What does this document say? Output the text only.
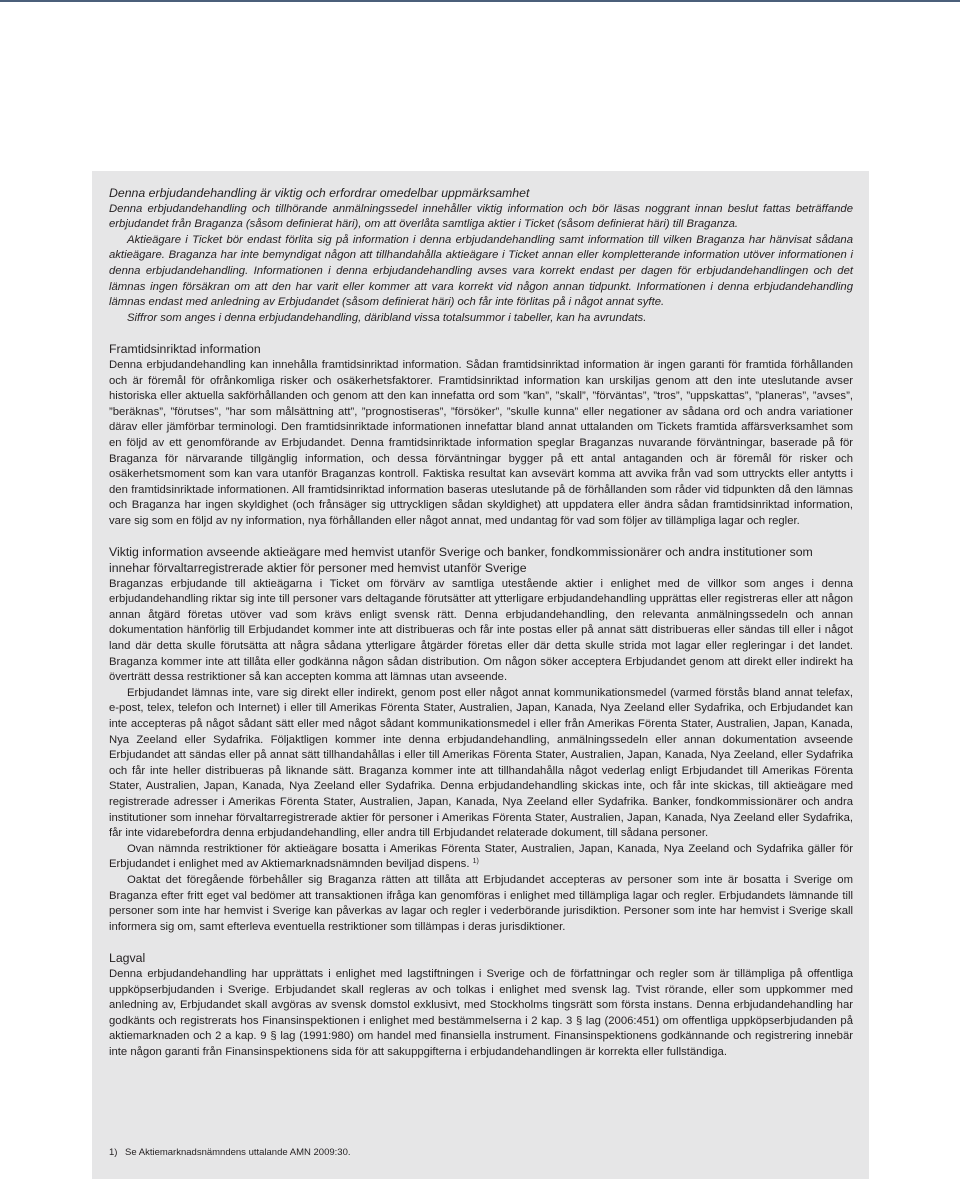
Denna erbjudandehandling är viktig och erfordrar omedelbar uppmärksamhet

Denna erbjudandehandling och tillhörande anmälningssedel innehåller viktig information och bör läsas noggrant innan beslut fattas beträffande erbjudandet från Braganza (såsom definierat häri), om att överlåta samtliga aktier i Ticket (såsom definierat häri) till Braganza.

Aktieägare i Ticket bör endast förlita sig på information i denna erbjudandehandling samt information till vilken Braganza har hänvisat sådana aktieägare. Braganza har inte bemyndigat någon att tillhandahålla aktieägare i Ticket annan eller kompletterande information utöver informationen i denna erbjudandehandling. Informationen i denna erbjudandehandling avses vara korrekt endast per dagen för erbjudandehandlingen och det lämnas ingen försäkran om att den har varit eller kommer att vara korrekt vid någon annan tidpunkt. Informationen i denna erbjudandehandling lämnas endast med anledning av Erbjudandet (såsom definierat häri) och får inte förlitas på i något annat syfte.

Siffror som anges i denna erbjudandehandling, däribland vissa totalsummor i tabeller, kan ha avrundats.

Framtidsinriktad information

Denna erbjudandehandling kan innehålla framtidsinriktad information. Sådan framtidsinriktad information är ingen garanti för framtida förhållanden och är föremål för ofrånkomliga risker och osäkerhetsfaktorer. Framtidsinriktad information kan urskiljas genom att den inte uteslutande avser historiska eller aktuella sakförhållanden och genom att den kan innefatta ord som ”kan”, ”skall”, ”förväntas”, ”tros”, ”uppskattas”, ”planeras”, ”avses”, ”beräknas”, ”förutses”, ”har som målsättning att”, ”prognostiseras”, ”försöker”, ”skulle kunna” eller negationer av sådana ord och andra variationer därav eller jämförbar terminologi. Den framtidsinriktade informationen innefattar bland annat uttalanden om Tickets framtida affärsverksamhet som en följd av ett genomförande av Erbjudandet. Denna framtidsinriktade information speglar Braganzas nuvarande förväntningar, baserade på för Braganza för närvarande tillgänglig information, och dessa förväntningar bygger på ett antal antaganden och är föremål för risker och osäkerhetsmoment som kan vara utanför Braganzas kontroll. Faktiska resultat kan avsevärt komma att avvika från vad som uttryckts eller antytts i den framtidsinriktade informationen. All framtidsinriktad information baseras uteslutande på de förhållanden som råder vid tidpunkten då den lämnas och Braganza har ingen skyldighet (och frånsäger sig uttryckligen sådan skyldighet) att uppdatera eller ändra sådan framtidsinriktad information, vare sig som en följd av ny information, nya förhållanden eller något annat, med undantag för vad som följer av tillämpliga lagar och regler.

Viktig information avseende aktieägare med hemvist utanför Sverige och banker, fondkommissionärer och andra institutioner som innehar förvaltarregistrerade aktier för personer med hemvist utanför Sverige

Braganzas erbjudande till aktieägarna i Ticket om förvärv av samtliga utestående aktier i enlighet med de villkor som anges i denna erbjudandehandling riktar sig inte till personer vars deltagande förutsätter att ytterligare erbjudandehandling upprättas eller registreras eller att någon annan åtgärd företas utöver vad som krävs enligt svensk rätt. Denna erbjudandehandling, den relevanta anmälningssedeln och annan dokumentation hänförlig till Erbjudandet kommer inte att distribueras och får inte postas eller på annat sätt distribueras eller sändas till eller i något land där detta skulle förutsätta att några sådana ytterligare åtgärder företas eller där detta skulle strida mot lagar eller regleringar i det landet. Braganza kommer inte att tillåta eller godkänna någon sådan distribution. Om någon söker acceptera Erbjudandet genom att direkt eller indirekt ha överträtt dessa restriktioner så kan accepten komma att lämnas utan avseende.

Erbjudandet lämnas inte, vare sig direkt eller indirekt, genom post eller något annat kommunikationsmedel (varmed förstås bland annat telefax, e-post, telex, telefon och Internet) i eller till Amerikas Förenta Stater, Australien, Japan, Kanada, Nya Zeeland eller Sydafrika, och Erbjudandet kan inte accepteras på något sådant sätt eller med något sådant kommunikationsmedel i eller från Amerikas Förenta Stater, Australien, Japan, Kanada, Nya Zeeland eller Sydafrika. Följaktligen kommer inte denna erbjudandehandling, anmälningssedeln eller annan dokumentation avseende Erbjudandet att sändas eller på annat sätt tillhandahållas i eller till Amerikas Förenta Stater, Australien, Japan, Kanada, Nya Zeeland, eller Sydafrika och får inte heller distribueras på liknande sätt. Braganza kommer inte att tillhandahålla något vederlag enligt Erbjudandet till Amerikas Förenta Stater, Australien, Japan, Kanada, Nya Zeeland eller Sydafrika. Denna erbjudandehandling skickas inte, och får inte skickas, till aktieägare med registrerade adresser i Amerikas Förenta Stater, Australien, Japan, Kanada, Nya Zeeland eller Sydafrika. Banker, fondkommissionärer och andra institutioner som innehar förvaltarregistrerade aktier för personer i Amerikas Förenta Stater, Australien, Japan, Kanada, Nya Zeeland eller Sydafrika, får inte vidarebefordra denna erbjudandehandling, eller andra till Erbjudandet relaterade dokument, till sådana personer.

Ovan nämnda restriktioner för aktieägare bosatta i Amerikas Förenta Stater, Australien, Japan, Kanada, Nya Zeeland och Sydafrika gäller för Erbjudandet i enlighet med av Aktiemarknadsnämnden beviljad dispens. $^{1)}$

Oaktat det föregående förbehåller sig Braganza rätten att tillåta att Erbjudandet accepteras av personer som inte är bosatta i Sverige om Braganza efter fritt eget val bedömer att transaktionen ifråga kan genomföras i enlighet med tillämpliga lagar och regler. Erbjudandets lämnande till personer som inte har hemvist i Sverige kan påverkas av lagar och regler i vederbörande jurisdiktion. Personer som inte har hemvist i Sverige skall informera sig om, samt efterleva eventuella restriktioner som tillämpas i deras jurisdiktioner.

Lagval

Denna erbjudandehandling har upprättats i enlighet med lagstiftningen i Sverige och de författningar och regler som är tillämpliga på offentliga uppköpserbjudanden i Sverige. Erbjudandet skall regleras av och tolkas i enlighet med svensk lag. Tvist rörande, eller som uppkommer med anledning av, Erbjudandet skall avgöras av svensk domstol exklusivt, med Stockholms tingsrätt som första instans. Denna erbjudandehandling har godkänts och registrerats hos Finansinspektionen i enlighet med bestämmelserna i 2 kap. 3 § lag (2006:451) om offentliga uppköpserbjudanden på aktiemarknaden och 2 a kap. 9 § lag (1991:980) om handel med finansiella instrument. Finansinspektionens godkännande och registrering innebär inte någon garanti från Finansinspektionens sida för att sakuppgifterna i erbjudandehandlingen är korrekta eller fullständiga.

1) Se Aktiemarknadsnämndens uttalande AMN 2009:30.
